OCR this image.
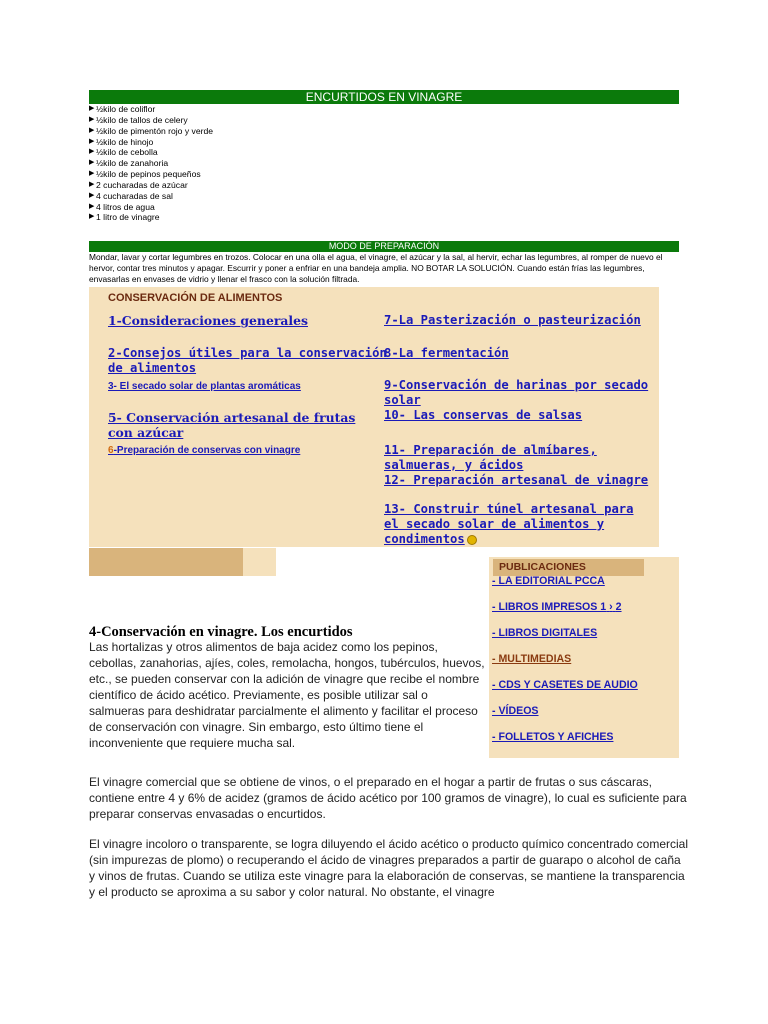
ENCURTIDOS EN VINAGRE
▶ ½kilo de coliflor
▶ ½kilo de tallos de celery
▶ ½kilo de pimentón rojo y verde
▶ ½kilo de hinojo
▶ ½kilo de cebolla
▶ ½kilo de zanahoria
▶ ½kilo de pepinos pequeños
▶ 2 cucharadas de azúcar
▶ 4 cucharadas de sal
▶ 4 litros de agua
▶ 1 litro de vinagre
MODO DE PREPARACIÓN

Mondar, lavar y cortar legumbres en trozos. Colocar en una olla el agua, el vinagre, el azúcar y la sal, al hervir, echar las legumbres, al romper de nuevo el hervor, contar tres minutos y apagar. Escurrir y poner a enfriar en una bandeja amplia. NO BOTAR LA SOLUCIÓN. Cuando están frías las legumbres, envasarlas en envases de vidrio y llenar el frasco con la solución filtrada.

CONSERVACIÓN DE ALIMENTOS
1-Consideraciones generales
2-Consejos útiles para la conservación de alimentos
3- El secado solar de plantas aromáticas
5- Conservación artesanal de frutas con azúcar
6-Preparación de conservas con vinagre
7-La Pasterización o pasteurización
8-La fermentación
9-Conservación de harinas por secado solar
10- Las conservas de salsas
11- Preparación de almíbares, salmueras, y ácidos
12- Preparación artesanal de vinagre
13- Construir túnel artesanal para el secado solar de alimentos y condimentos
PUBLICACIONES
- LA EDITORIAL PCCA
- LIBROS IMPRESOS 1 › 2
- LIBROS DIGITALES
- MULTIMEDIAS
- CDS Y CASETES DE AUDIO
- VÍDEOS
- FOLLETOS Y AFICHES
4-Conservación en vinagre. Los encurtidos

Las hortalizas y otros alimentos de baja acidez como los pepinos, cebollas, zanahorias, ajíes, coles, remolacha, hongos, tubérculos, huevos, etc., se pueden conservar con la adición de vinagre que recibe el nombre científico de ácido acético. Previamente, es posible utilizar sal o salmueras para deshidratar parcialmente el alimento y facilitar el proceso de conservación con vinagre. Sin embargo, esto último tiene el inconveniente que requiere mucha sal.

El vinagre comercial que se obtiene de vinos, o el preparado en el hogar a partir de frutas o sus cáscaras, contiene entre 4 y 6% de acidez (gramos de ácido acético por 100 gramos de vinagre), lo cual es suficiente para preparar conservas envasadas o encurtidos.

El vinagre incoloro o transparente, se logra diluyendo el ácido acético o producto químico concentrado comercial (sin impurezas de plomo) o recuperando el ácido de vinagres preparados a partir de guarapo o alcohol de caña y vinos de frutas. Cuando se utiliza este vinagre para la elaboración de conservas, se mantiene la transparencia y el producto se aproxima a su sabor y color natural. No obstante, el vinagre
